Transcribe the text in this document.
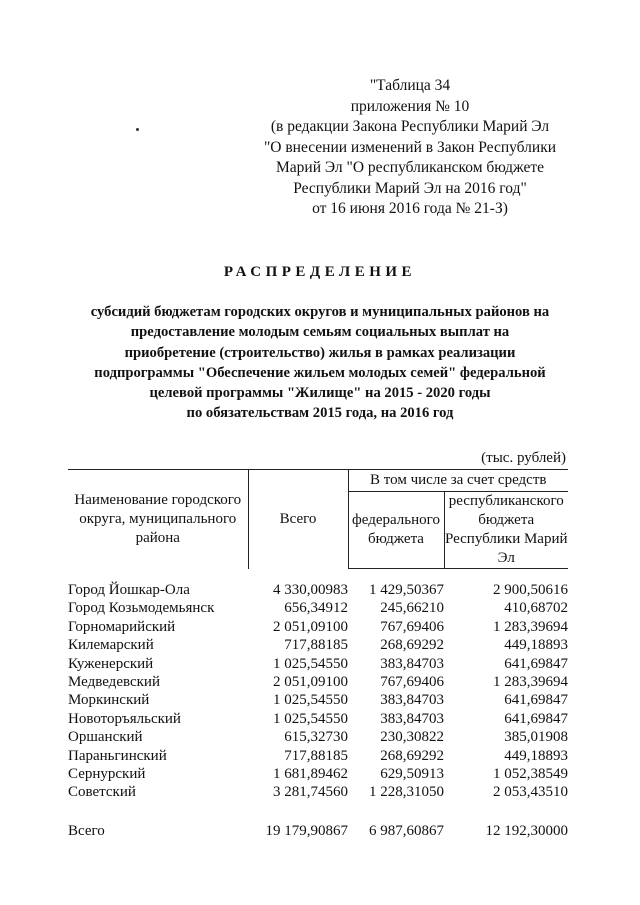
"Таблица 34
приложения № 10
(в редакции Закона Республики Марий Эл
"О внесении изменений в Закон Республики
Марий Эл "О республиканском бюджете
Республики Марий Эл на 2016 год"
от 16 июня 2016 года № 21-З)
РАСПРЕДЕЛЕНИЕ
субсидий бюджетам городских округов и муниципальных районов на
предоставление молодым семьям социальных выплат на
приобретение (строительство) жилья в рамках реализации
подпрограммы "Обеспечение жильем молодых семей" федеральной
целевой программы "Жилище" на 2015 - 2020 годы
по обязательствам 2015 года, на 2016 год
(тыс. рублей)
Наименование городского округа, муниципального района	Всего	В том числе за счет средств	
		федерального бюджета	республиканского бюджета Республики Марий Эл

Город Йошкар-Ола	4 330,00983	1 429,50367	2 900,50616
Город Козьмодемьянск	656,34912	245,66210	410,68702
Горномарийский	2 051,09100	767,69406	1 283,39694
Килемарский	717,88185	268,69292	449,18893
Куженерский	1 025,54550	383,84703	641,69847
Медведевский	2 051,09100	767,69406	1 283,39694
Моркинский	1 025,54550	383,84703	641,69847
Новоторъяльский	1 025,54550	383,84703	641,69847
Оршанский	615,32730	230,30822	385,01908
Параньгинский	717,88185	268,69292	449,18893
Сернурский	1 681,89462	629,50913	1 052,38549
Советский	3 281,74560	1 228,31050	2 053,43510

Всего	19 179,90867	6 987,60867	12 192,30000
